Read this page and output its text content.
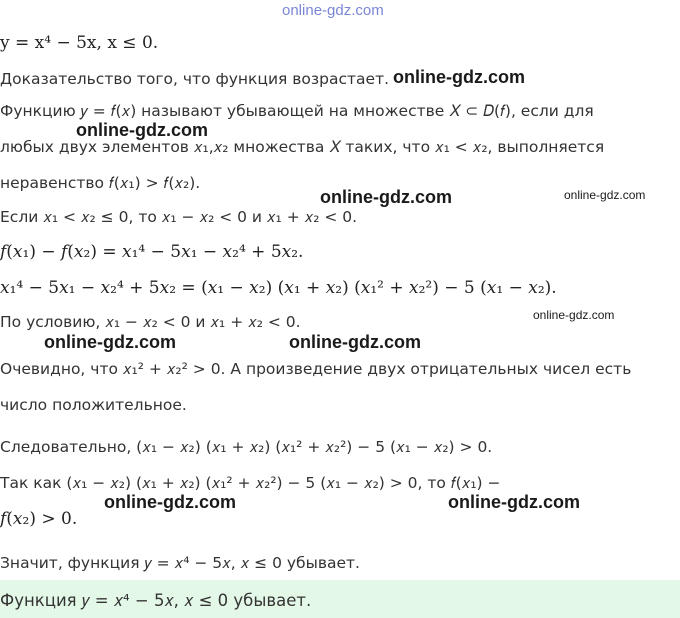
y = x⁴ − 5x, x ≤ 0.
Доказательство того, что функция возрастает.
Функцию 𝑦 = 𝑓(𝑥) называют убывающей на множестве 𝑋 ⊂ 𝐷(𝑓), если для
любых двух элементов 𝑥₁,𝑥₂ множества 𝑋 таких, что 𝑥₁ < 𝑥₂, выполняется
неравенство 𝑓(𝑥₁) > 𝑓(𝑥₂).
Если 𝑥₁ < 𝑥₂ ≤ 0, то 𝑥₁ − 𝑥₂ < 0 и 𝑥₁ + 𝑥₂ < 0.
𝑓(𝑥₁) − 𝑓(𝑥₂) = 𝑥₁⁴ − 5𝑥₁ − 𝑥₂⁴ + 5𝑥₂.
𝑥₁⁴ − 5𝑥₁ − 𝑥₂⁴ + 5𝑥₂ = (𝑥₁ − 𝑥₂) (𝑥₁ + 𝑥₂) (𝑥₁² + 𝑥₂²) − 5 (𝑥₁ − 𝑥₂).
По условию, 𝑥₁ − 𝑥₂ < 0 и 𝑥₁ + 𝑥₂ < 0.
Очевидно, что 𝑥₁² + 𝑥₂² > 0. А произведение двух отрицательных чисел есть
число положительное.
Следовательно, (𝑥₁ − 𝑥₂) (𝑥₁ + 𝑥₂) (𝑥₁² + 𝑥₂²) − 5 (𝑥₁ − 𝑥₂) > 0.
Так как (𝑥₁ − 𝑥₂) (𝑥₁ + 𝑥₂) (𝑥₁² + 𝑥₂²) − 5 (𝑥₁ − 𝑥₂) > 0, то 𝑓(𝑥₁) −
𝑓(𝑥₂) > 0.
Значит, функция 𝑦 = 𝑥⁴ − 5𝑥, 𝑥 ≤ 0 убывает.
Функция 𝑦 = 𝑥⁴ − 5𝑥, 𝑥 ≤ 0 убывает.
online-gdz.com
online-gdz.com
online-gdz.com
online-gdz.com	online-gdz.com
online-gdz.com
online-gdz.com	online-gdz.com
online-gdz.com	online-gdz.com
